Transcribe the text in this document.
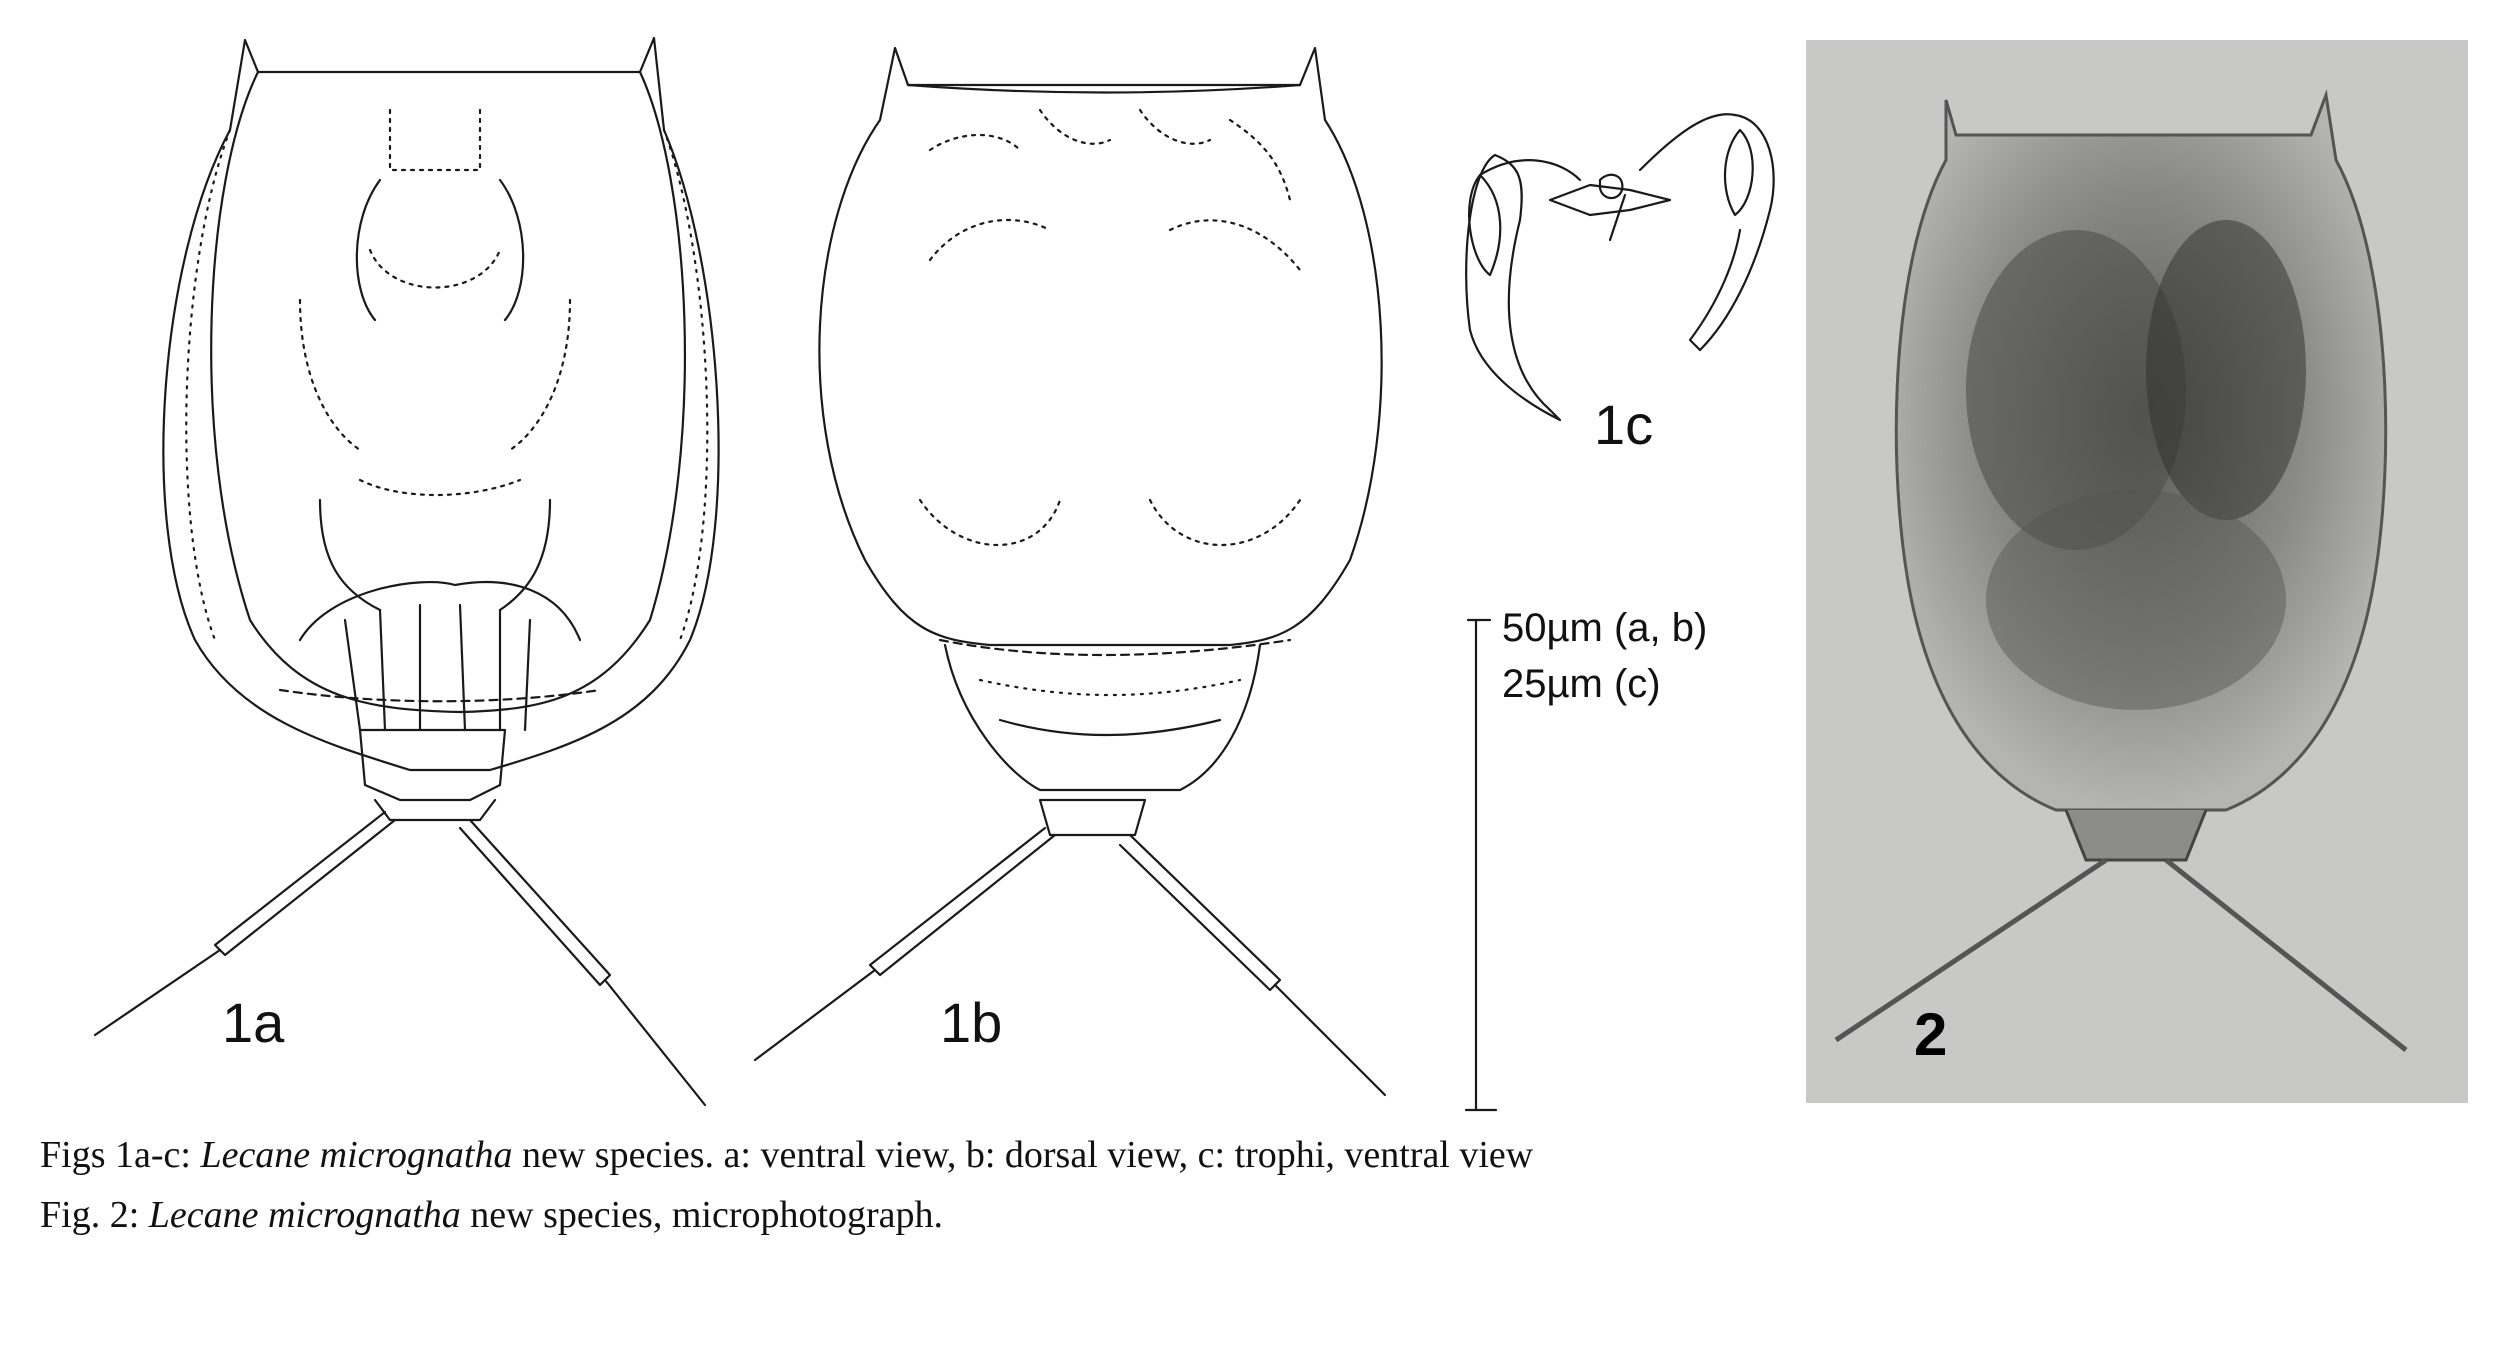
1a	1b
1c
50µm (a, b)
25µm (c)
2
Figs 1a-c: Lecane micrognatha new species. a: ventral view, b: dorsal view, c: trophi, ventral view
Fig. 2: Lecane micrognatha new species, microphotograph.
